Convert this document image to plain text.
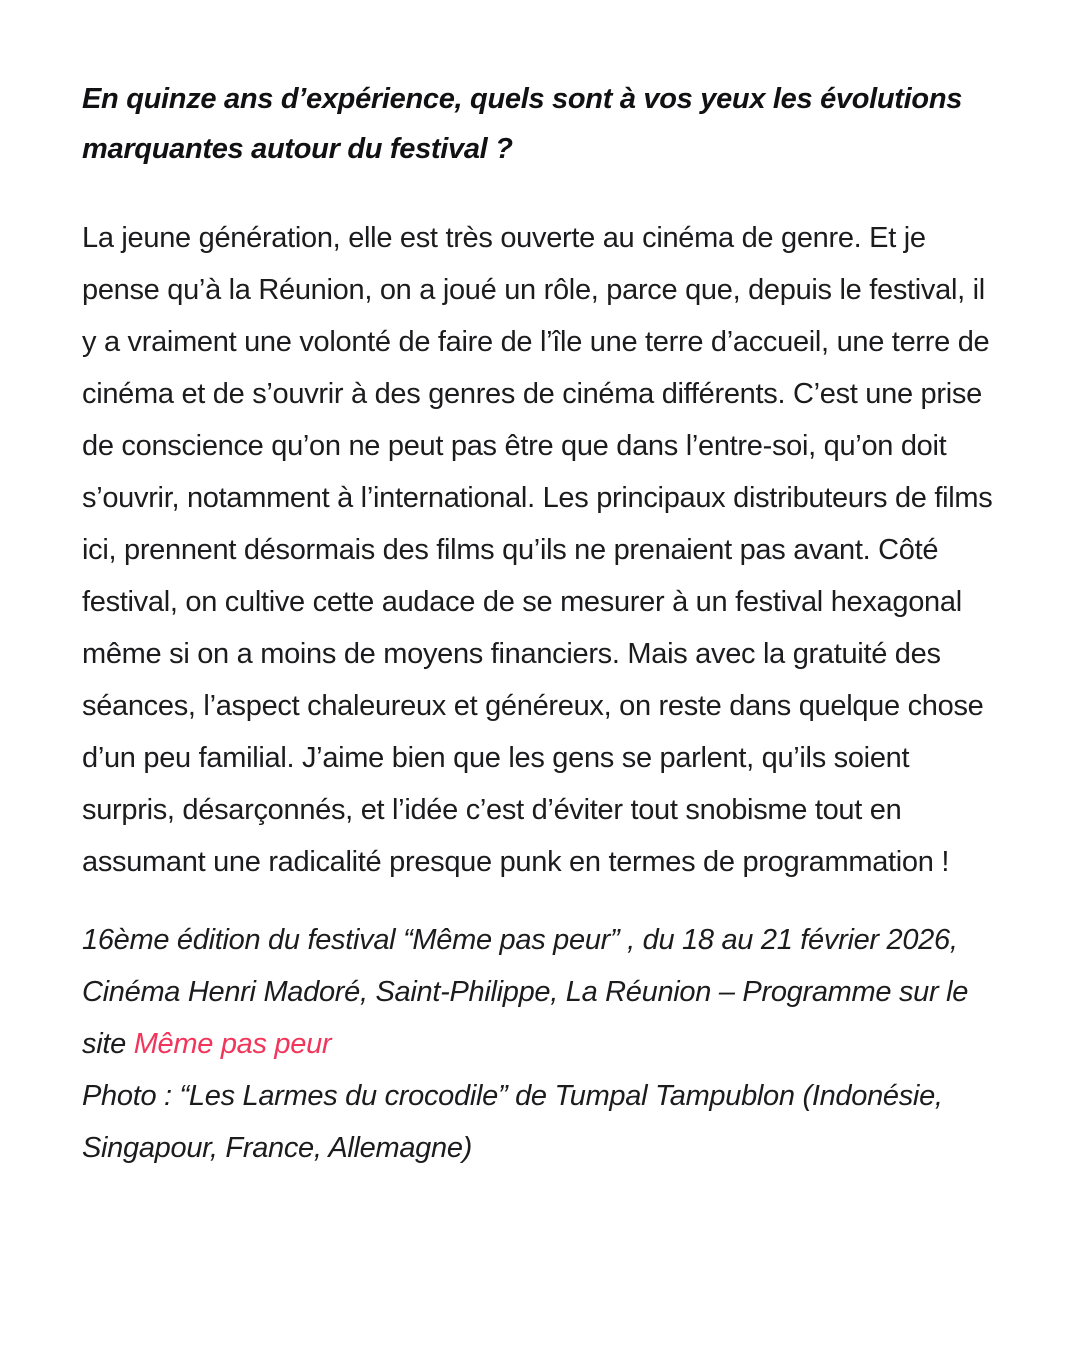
En quinze ans d’expérience, quels sont à vos yeux les évolutions marquantes autour du festival ?

La jeune génération, elle est très ouverte au cinéma de genre. Et je pense qu’à la Réunion, on a joué un rôle, parce que, depuis le festival, il y a vraiment une volonté de faire de l’île une terre d’accueil, une terre de cinéma et de s’ouvrir à des genres de cinéma différents. C’est une prise de conscience qu’on ne peut pas être que dans l’entre-soi, qu’on doit s’ouvrir, notamment à l’international. Les principaux distributeurs de films ici, prennent désormais des films qu’ils ne prenaient pas avant. Côté festival, on cultive cette audace de se mesurer à un festival hexagonal même si on a moins de moyens financiers. Mais avec la gratuité des séances, l’aspect chaleureux et généreux, on reste dans quelque chose d’un peu familial. J’aime bien que les gens se parlent, qu’ils soient surpris, désarçonnés, et l’idée c’est d’éviter tout snobisme tout en assumant une radicalité presque punk en termes de programmation !

16ème édition du festival “Même pas peur” , du 18 au 21 février 2026, Cinéma Henri Madoré, Saint-Philippe, La Réunion – Programme sur le site Même pas peur

Photo : “Les Larmes du crocodile” de Tumpal Tampublon (Indonésie, Singapour, France, Allemagne)
